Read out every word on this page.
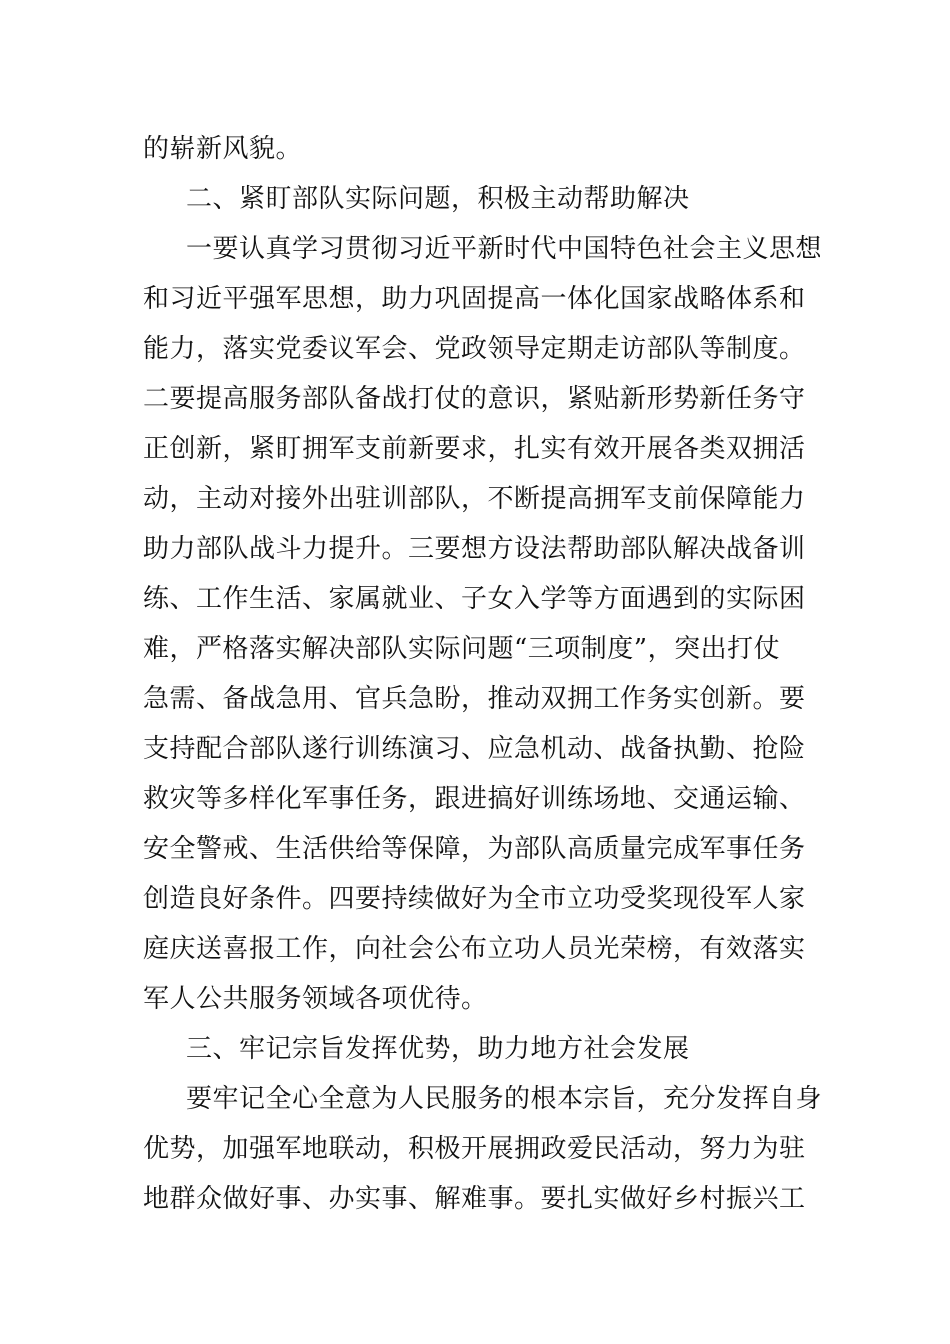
的崭新风貌。
二、紧盯部队实际问题，积极主动帮助解决
一要认真学习贯彻习近平新时代中国特色社会主义思想
和习近平强军思想，助力巩固提高一体化国家战略体系和
能力，落实党委议军会、党政领导定期走访部队等制度。
二要提高服务部队备战打仗的意识，紧贴新形势新任务守
正创新，紧盯拥军支前新要求，扎实有效开展各类双拥活
动，主动对接外出驻训部队，不断提高拥军支前保障能力
助力部队战斗力提升。三要想方设法帮助部队解决战备训
练、工作生活、家属就业、子女入学等方面遇到的实际困
难，严格落实解决部队实际问题“三项制度”，突出打仗
急需、备战急用、官兵急盼，推动双拥工作务实创新。要
支持配合部队遂行训练演习、应急机动、战备执勤、抢险
救灾等多样化军事任务，跟进搞好训练场地、交通运输、
安全警戒、生活供给等保障，为部队高质量完成军事任务
创造良好条件。四要持续做好为全市立功受奖现役军人家
庭庆送喜报工作，向社会公布立功人员光荣榜，有效落实
军人公共服务领域各项优待。
三、牢记宗旨发挥优势，助力地方社会发展
要牢记全心全意为人民服务的根本宗旨，充分发挥自身
优势，加强军地联动，积极开展拥政爱民活动，努力为驻
地群众做好事、办实事、解难事。要扎实做好乡村振兴工
